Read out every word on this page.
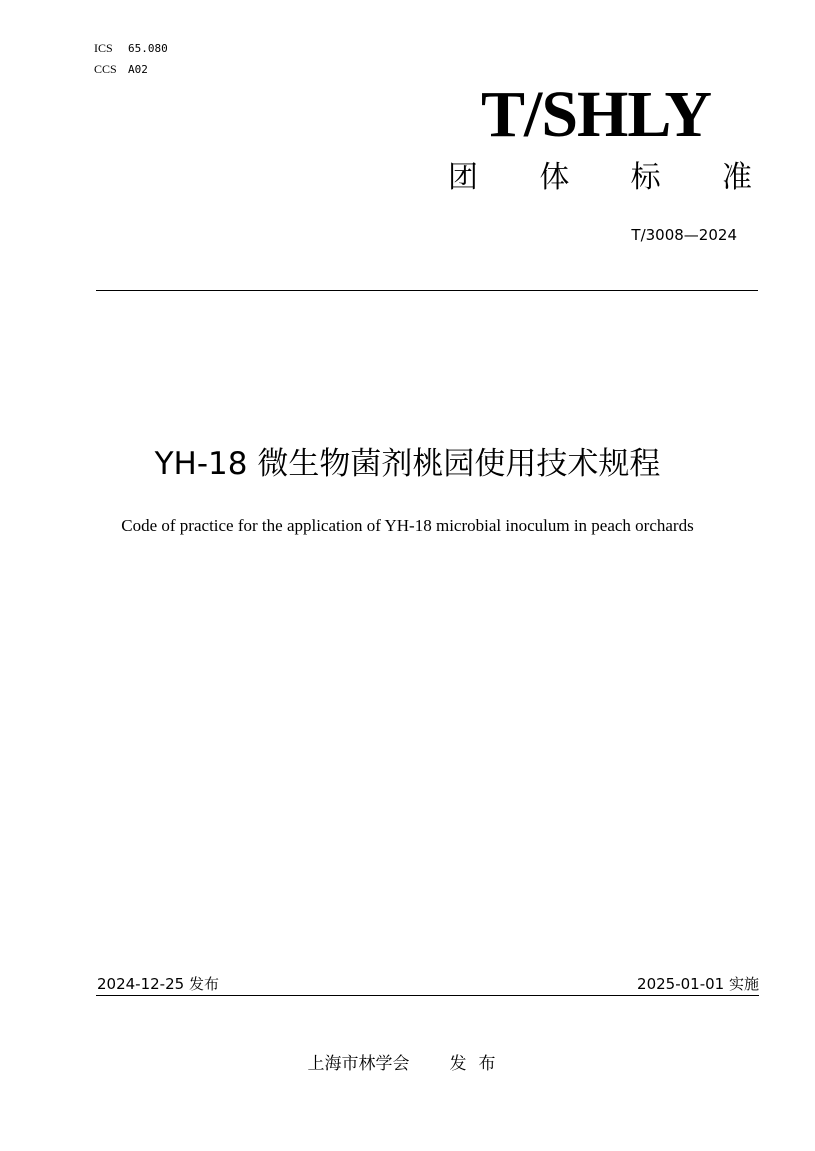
ICS 65.080
CCS A02
T/SHLY
团 体 标 准
T/3008—2024
YH-18 微生物菌剂桃园使用技术规程
Code of practice for the application of YH-18 microbial inoculum in peach orchards
2024-12-25 发布	2025-01-01 实施
上海市林学会 发布
